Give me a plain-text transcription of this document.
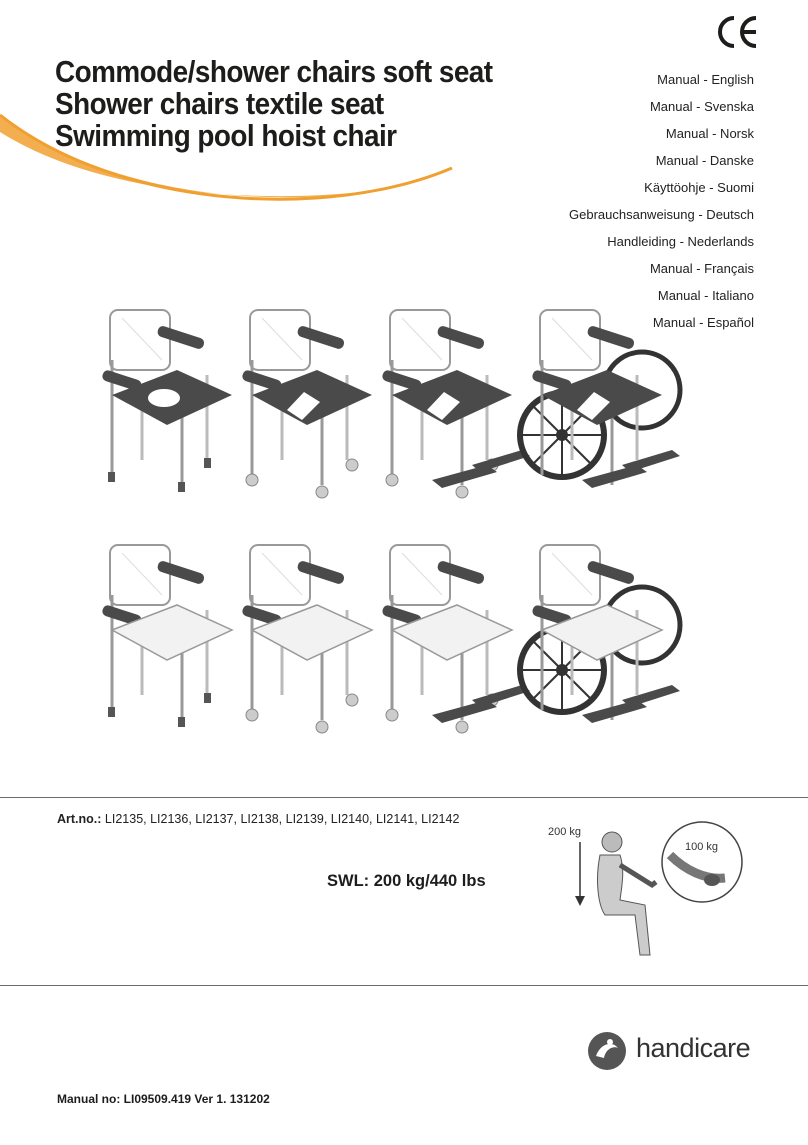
Commode/shower chairs soft seat
Shower chairs textile seat
Swimming pool hoist chair
Manual - English
Manual - Svenska
Manual - Norsk
Manual - Danske
Käyttöohje - Suomi
Gebrauchsanweisung - Deutsch
Handleiding - Nederlands
Manual - Français
Manual - Italiano
Manual - Español
Art.no.: LI2135, LI2136, LI2137, LI2138, LI2139, LI2140, LI2141, LI2142
SWL: 200 kg/440 lbs
200 kg
100 kg
handicare
Manual no: LI09509.419 Ver 1. 131202
